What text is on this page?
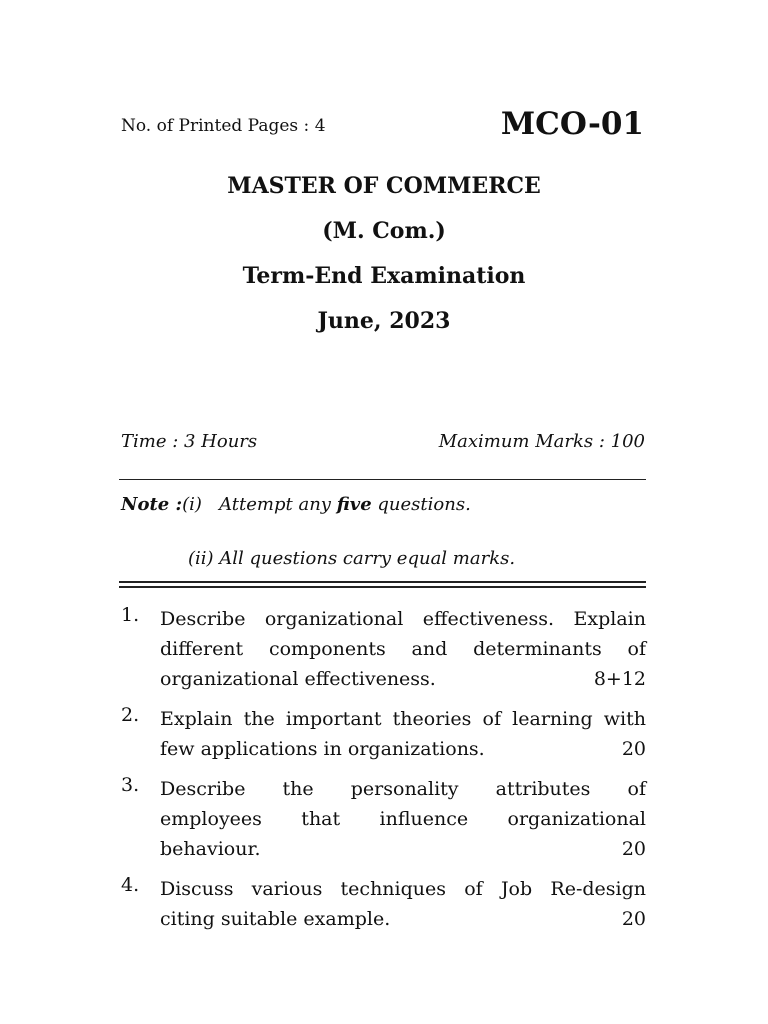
No. of Printed Pages : 4	MCO-01
MASTER OF COMMERCE
(M. Com.)
Term-End Examination
June, 2023
Time : 3 Hours	Maximum Marks : 100
Note :(i) Attempt any five questions.
(ii) All questions carry equal marks.
1. Describe organizational effectiveness. Explain
different components and determinants of
organizational effectiveness.	8+12
2. Explain the important theories of learning with
few applications in organizations.	20
3. Describe the personality attributes of
employees that influence organizational
behaviour.	20
4. Discuss various techniques of Job Re-design
citing suitable example.	20
